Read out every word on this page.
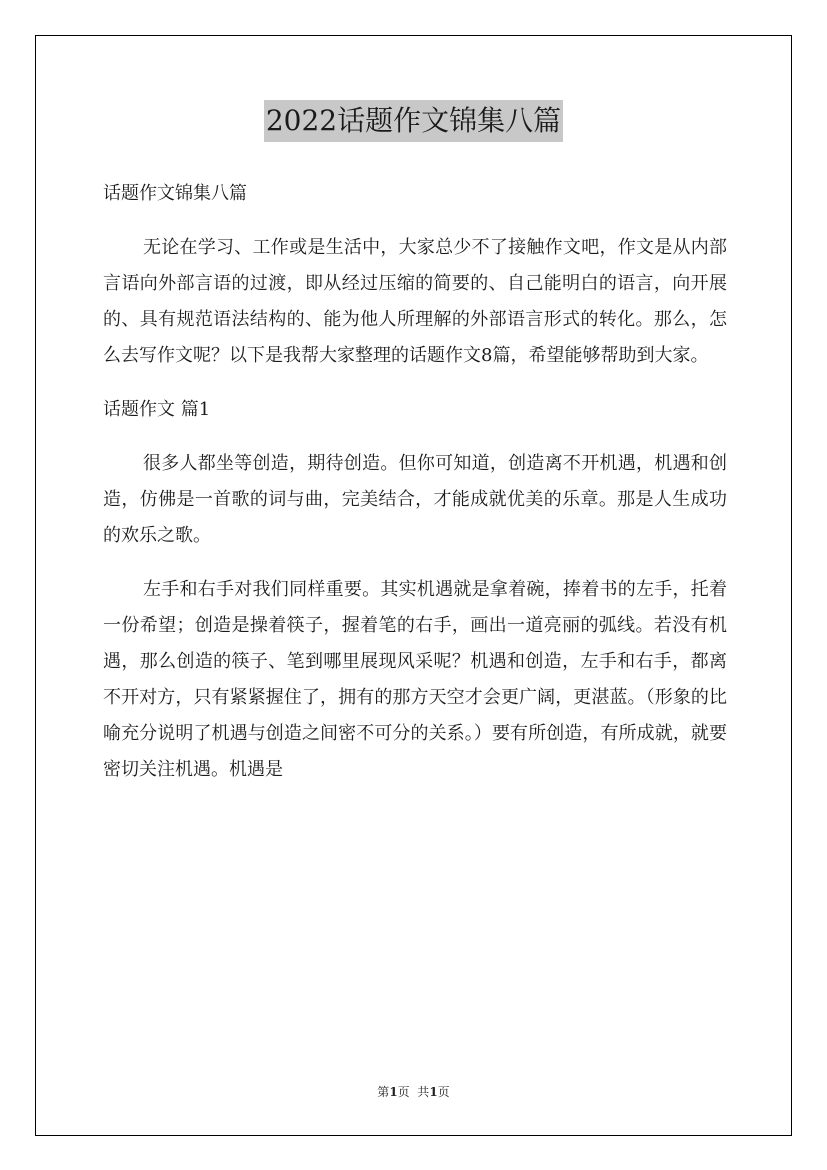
2022话题作文锦集八篇

话题作文锦集八篇

无论在学习、工作或是生活中，大家总少不了接触作文吧，作文是从内部言语向外部言语的过渡，即从经过压缩的简要的、自己能明白的语言，向开展的、具有规范语法结构的、能为他人所理解的外部语言形式的转化。那么，怎么去写作文呢？以下是我帮大家整理的话题作文8篇，希望能够帮助到大家。

话题作文 篇1

很多人都坐等创造，期待创造。但你可知道，创造离不开机遇，机遇和创造，仿佛是一首歌的词与曲，完美结合，才能成就优美的乐章。那是人生成功的欢乐之歌。

左手和右手对我们同样重要。其实机遇就是拿着碗，捧着书的左手，托着一份希望；创造是操着筷子，握着笔的右手，画出一道亮丽的弧线。若没有机遇，那么创造的筷子、笔到哪里展现风采呢？机遇和创造，左手和右手，都离不开对方，只有紧紧握住了，拥有的那方天空才会更广阔，更湛蓝。（形象的比喻充分说明了机遇与创造之间密不可分的关系。）要有所创造，有所成就，就要密切关注机遇。机遇是

第1页  共1页
